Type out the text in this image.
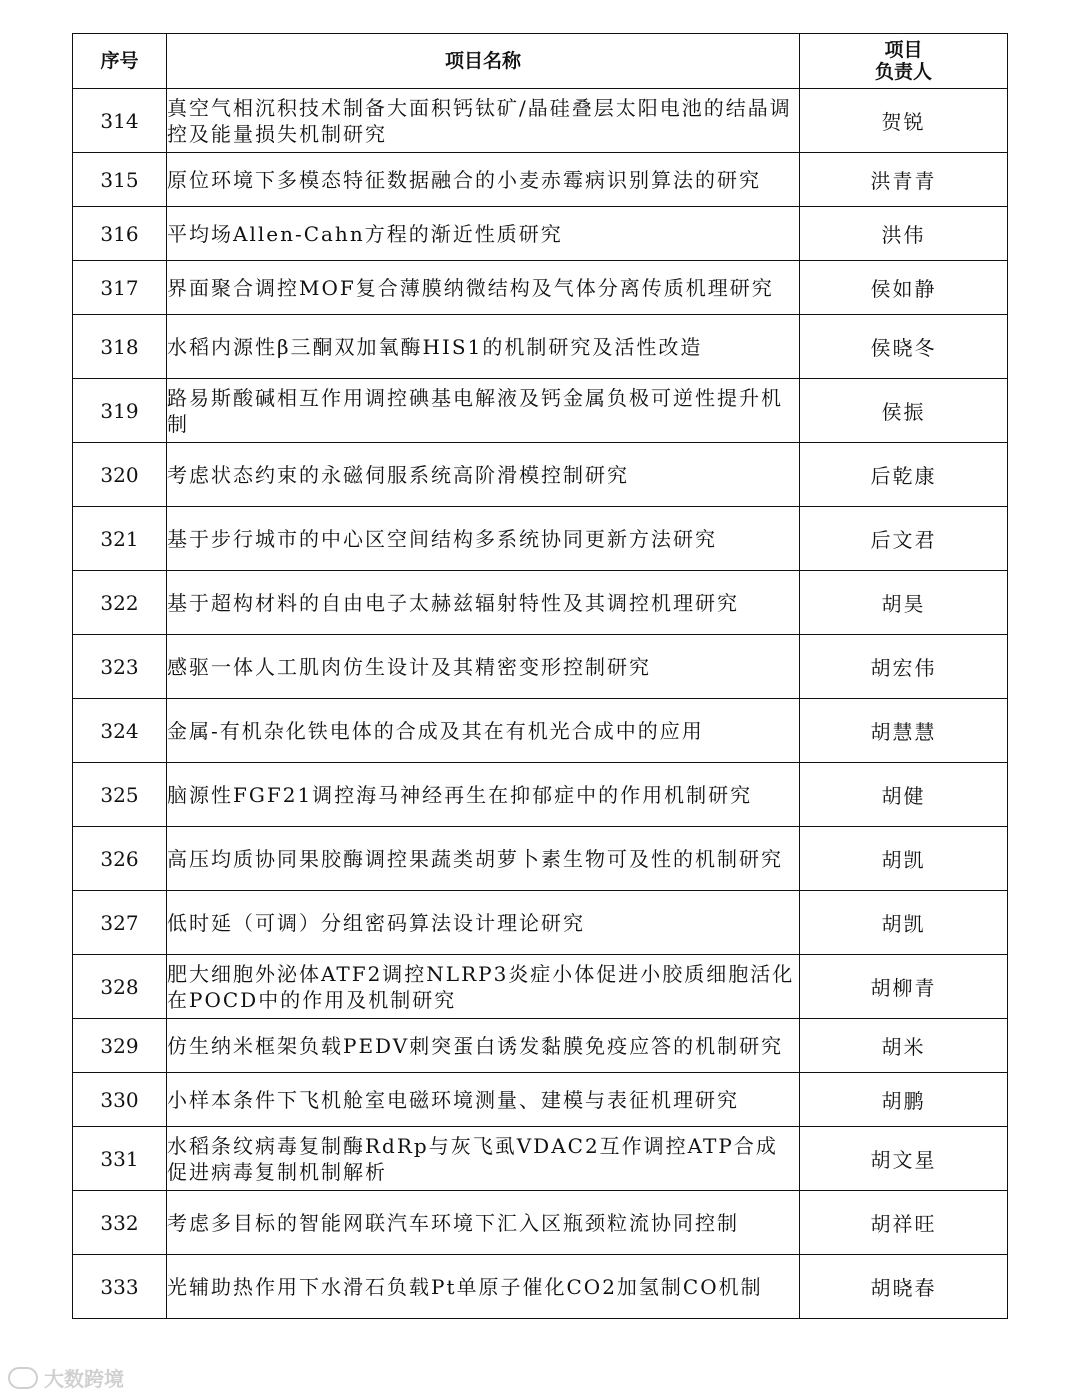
序号	项目名称	项目
负责人

314	真空气相沉积技术制备大面积钙钛矿/晶硅叠层太阳电池的结晶调控及能量损失机制研究	贺锐
315	原位环境下多模态特征数据融合的小麦赤霉病识别算法的研究	洪青青
316	平均场Allen-Cahn方程的渐近性质研究	洪伟
317	界面聚合调控MOF复合薄膜纳微结构及气体分离传质机理研究	侯如静
318	水稻内源性β三酮双加氧酶HIS1的机制研究及活性改造	侯晓冬
319	路易斯酸碱相互作用调控碘基电解液及钙金属负极可逆性提升机制	侯振
320	考虑状态约束的永磁伺服系统高阶滑模控制研究	后乾康
321	基于步行城市的中心区空间结构多系统协同更新方法研究	后文君
322	基于超构材料的自由电子太赫兹辐射特性及其调控机理研究	胡昊
323	感驱一体人工肌肉仿生设计及其精密变形控制研究	胡宏伟
324	金属-有机杂化铁电体的合成及其在有机光合成中的应用	胡慧慧
325	脑源性FGF21调控海马神经再生在抑郁症中的作用机制研究	胡健
326	高压均质协同果胶酶调控果蔬类胡萝卜素生物可及性的机制研究	胡凯
327	低时延（可调）分组密码算法设计理论研究	胡凯
328	肥大细胞外泌体ATF2调控NLRP3炎症小体促进小胶质细胞活化在POCD中的作用及机制研究	胡柳青
329	仿生纳米框架负载PEDV刺突蛋白诱发黏膜免疫应答的机制研究	胡米
330	小样本条件下飞机舱室电磁环境测量、建模与表征机理研究	胡鹏
331	水稻条纹病毒复制酶RdRp与灰飞虱VDAC2互作调控ATP合成促进病毒复制机制解析	胡文星
332	考虑多目标的智能网联汽车环境下汇入区瓶颈粒流协同控制	胡祥旺
333	光辅助热作用下水滑石负载Pt单原子催化CO2加氢制CO机制	胡晓春
大数跨境
